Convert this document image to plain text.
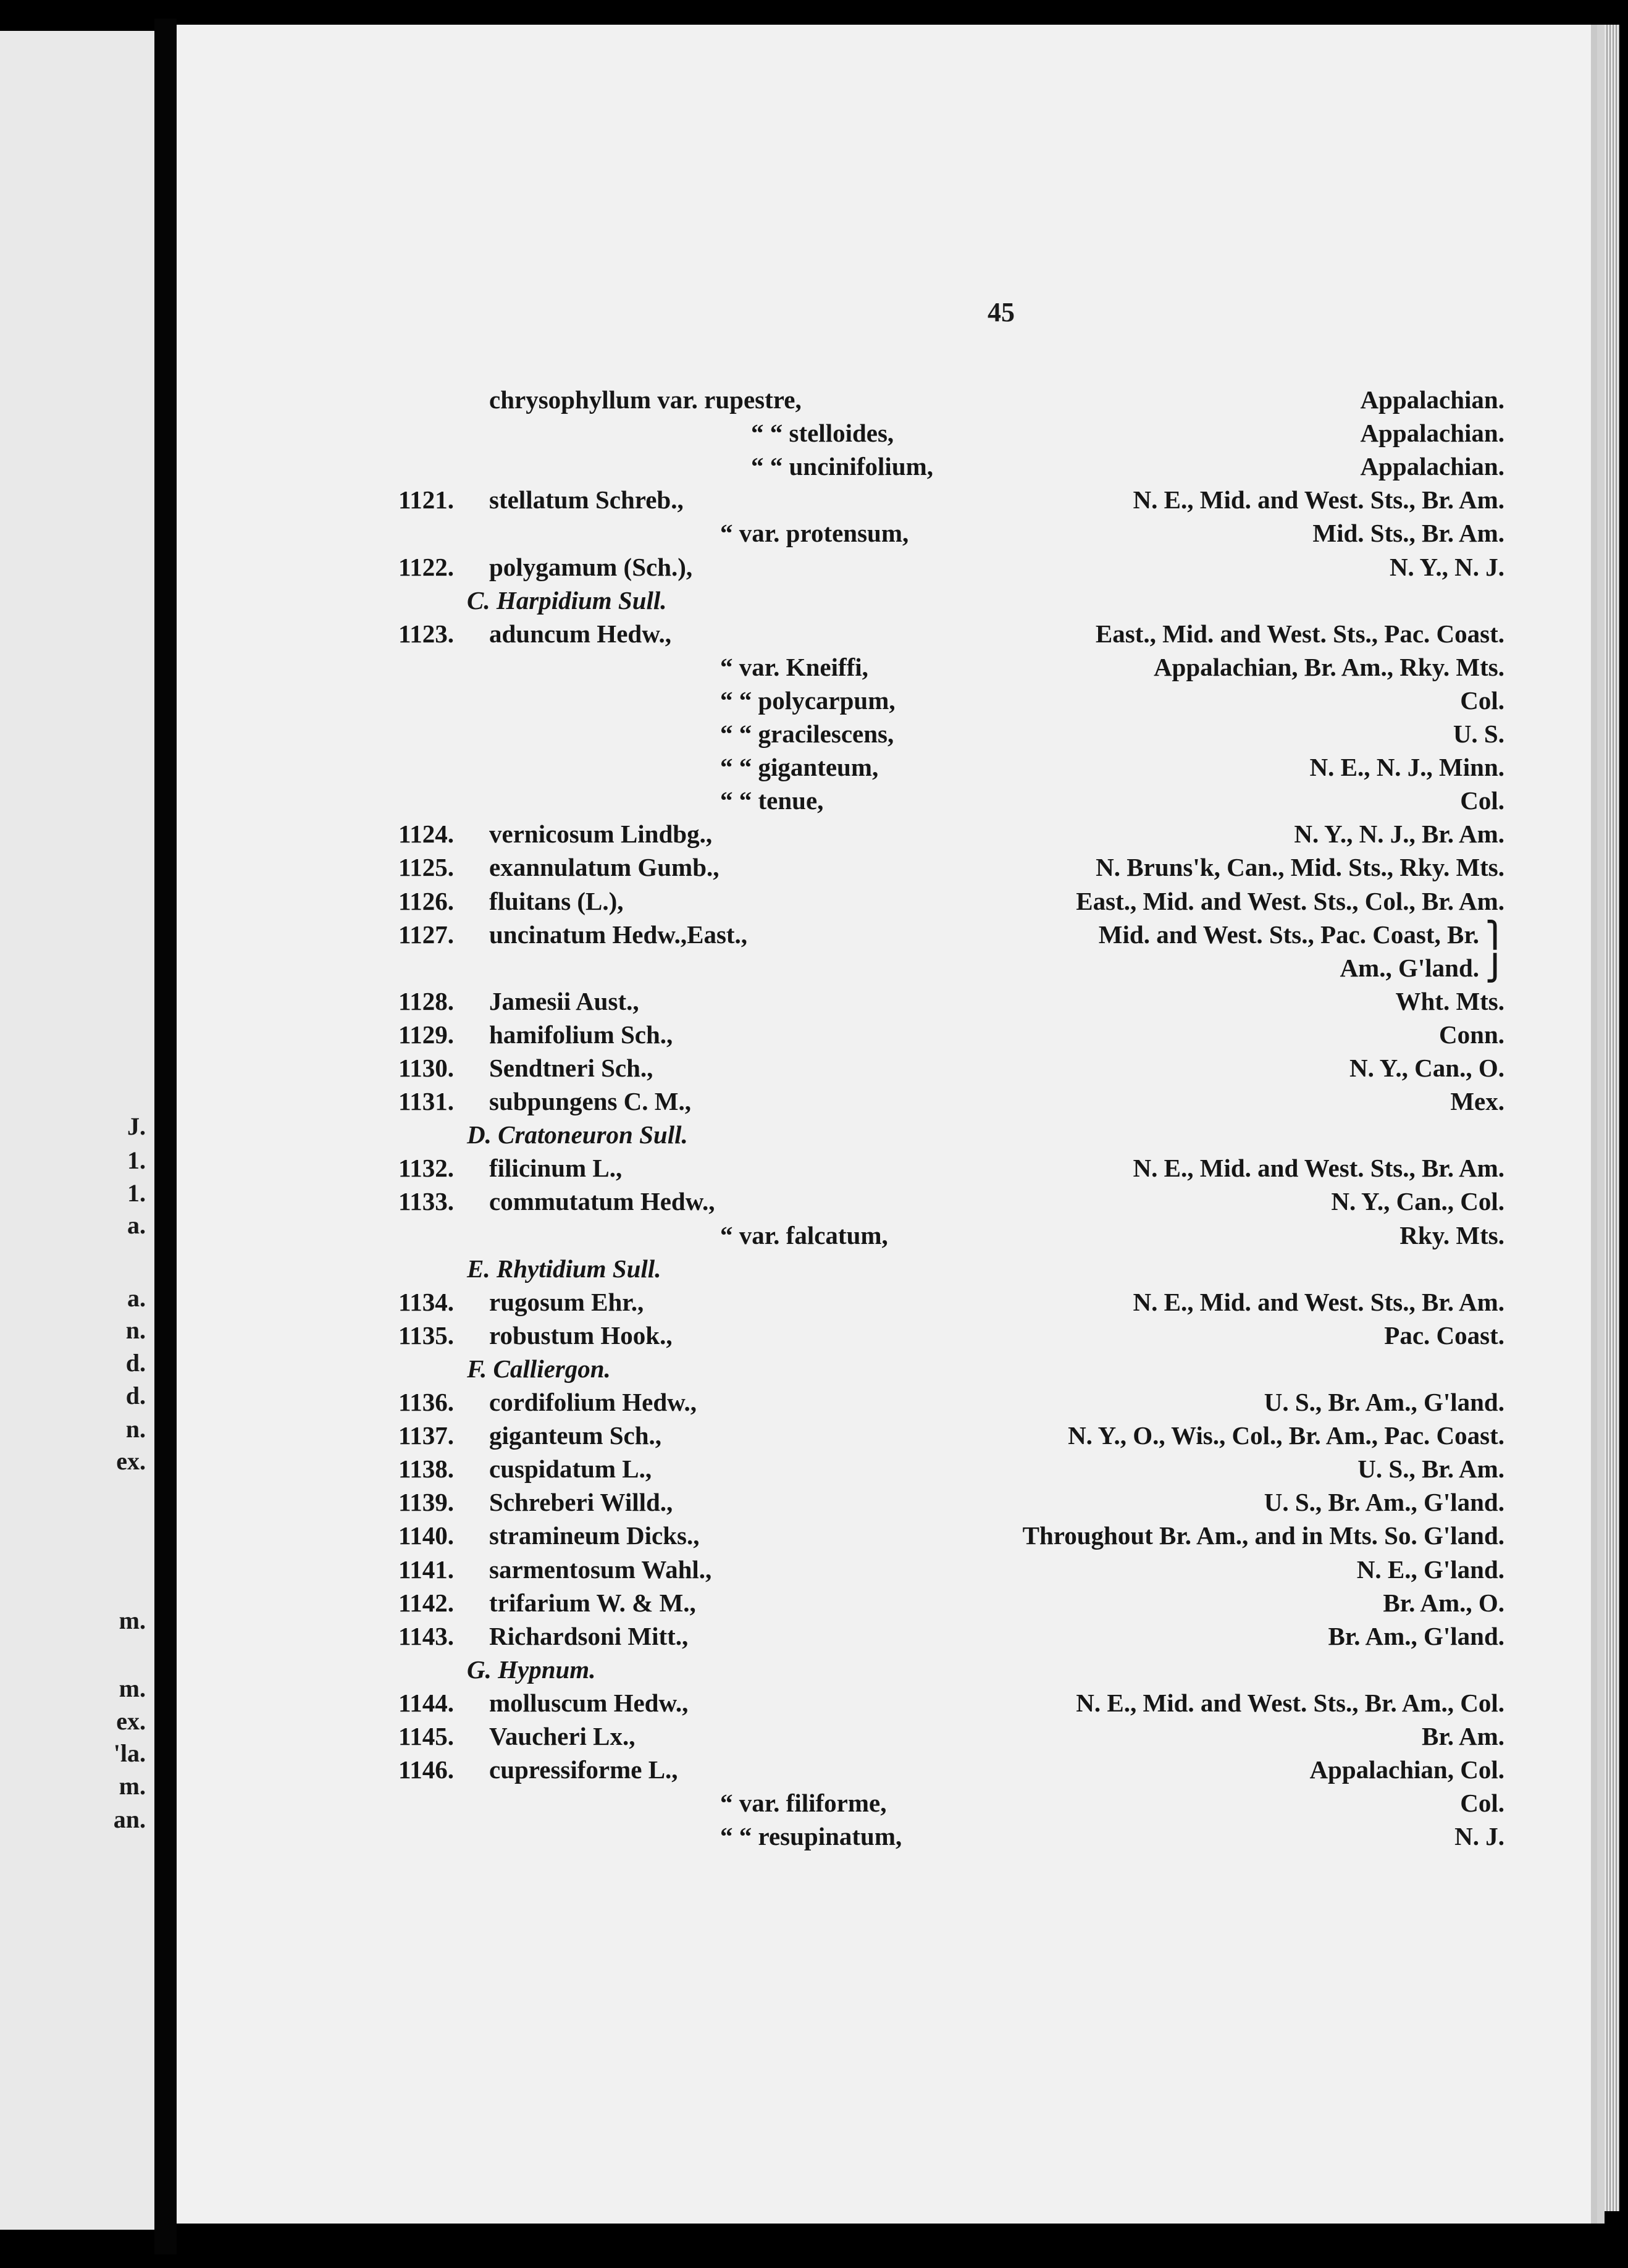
J.
1.
1.
a.
a.
n.
d.
d.
n.
ex.
m.
m.
ex.
'la.
m.
an.
45
chrysophyllum var. rupestre,	Appalachian.
“ “ stelloides,	Appalachian.
“ “ uncinifolium,	Appalachian.
1121. stellatum Schreb.,	N. E., Mid. and West. Sts., Br. Am.
“ var. protensum,	Mid. Sts., Br. Am.
1122. polygamum (Sch.),	N. Y., N. J.
C. Harpidium Sull.
1123. aduncum Hedw.,	East., Mid. and West. Sts., Pac. Coast.
“ var. Kneiffi,	Appalachian, Br. Am., Rky. Mts.
“ “ polycarpum,	Col.
“ “ gracilescens,	U. S.
“ “ giganteum,	N. E., N. J., Minn.
“ “ tenue,	Col.
1124. vernicosum Lindbg.,	N. Y., N. J., Br. Am.
1125. exannulatum Gumb.,	N. Bruns'k, Can., Mid. Sts., Rky. Mts.
1126. fluitans (L.),	East., Mid. and West. Sts., Col., Br. Am.
1127. uncinatum Hedw.,East.,	Mid. and West. Sts., Pac. Coast, Br. ⎫
Am., G'land. ⎭
1128. Jamesii Aust.,	Wht. Mts.
1129. hamifolium Sch.,	Conn.
1130. Sendtneri Sch.,	N. Y., Can., O.
1131. subpungens C. M.,	Mex.
D. Cratoneuron Sull.
1132. filicinum L.,	N. E., Mid. and West. Sts., Br. Am.
1133. commutatum Hedw.,	N. Y., Can., Col.
“ var. falcatum,	Rky. Mts.
E. Rhytidium Sull.
1134. rugosum Ehr.,	N. E., Mid. and West. Sts., Br. Am.
1135. robustum Hook.,	Pac. Coast.
F. Calliergon.
1136. cordifolium Hedw.,	U. S., Br. Am., G'land.
1137. giganteum Sch.,	N. Y., O., Wis., Col., Br. Am., Pac. Coast.
1138. cuspidatum L.,	U. S., Br. Am.
1139. Schreberi Willd.,	U. S., Br. Am., G'land.
1140. stramineum Dicks.,	Throughout Br. Am., and in Mts. So. G'land.
1141. sarmentosum Wahl.,	N. E., G'land.
1142. trifarium W. & M.,	Br. Am., O.
1143. Richardsoni Mitt.,	Br. Am., G'land.
G. Hypnum.
1144. molluscum Hedw.,	N. E., Mid. and West. Sts., Br. Am., Col.
1145. Vaucheri Lx.,	Br. Am.
1146. cupressiforme L.,	Appalachian, Col.
“ var. filiforme,	Col.
“ “ resupinatum,	N. J.
